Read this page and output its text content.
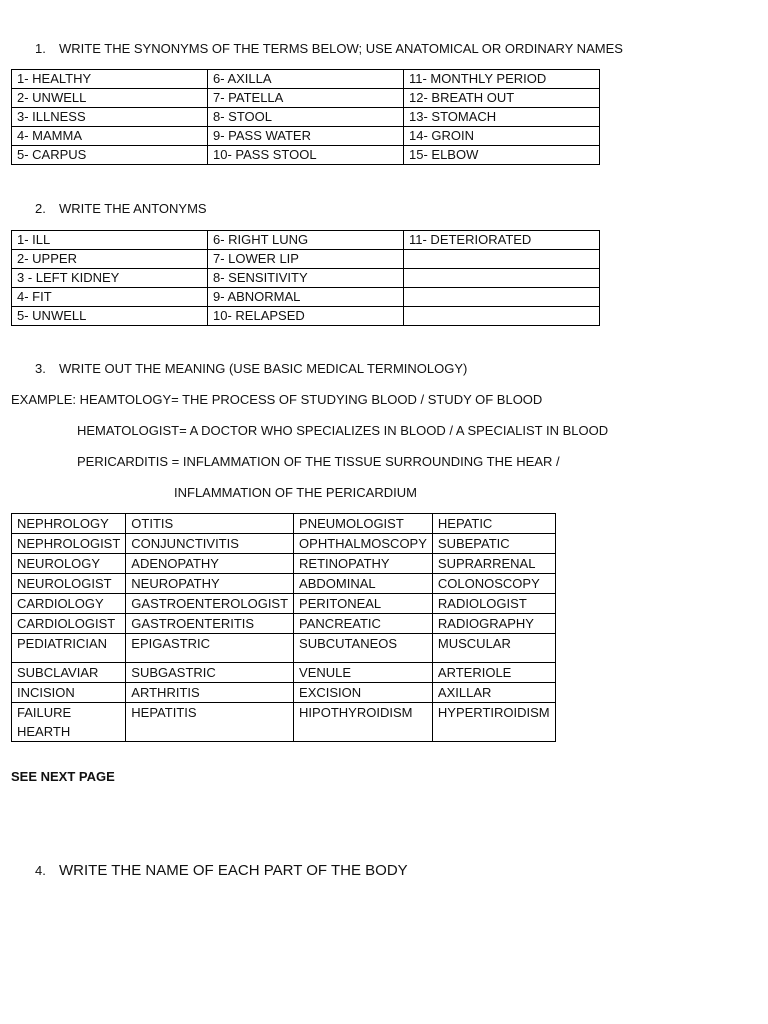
1. WRITE THE SYNONYMS OF THE TERMS BELOW; USE ANATOMICAL OR ORDINARY NAMES
1- HEALTHY	6- AXILLA	11- MONTHLY PERIOD
2- UNWELL	7- PATELLA	12- BREATH OUT
3- ILLNESS	8- STOOL	13- STOMACH
4- MAMMA	9- PASS WATER	14- GROIN
5- CARPUS	10- PASS STOOL	15- ELBOW
2. WRITE THE ANTONYMS
1- ILL	6- RIGHT LUNG	11- DETERIORATED
2- UPPER	7- LOWER LIP	
3 - LEFT KIDNEY	8- SENSITIVITY	
4- FIT	9- ABNORMAL	
5- UNWELL	10- RELAPSED	
3. WRITE OUT THE MEANING (USE BASIC MEDICAL TERMINOLOGY)
EXAMPLE: HEAMTOLOGY= THE PROCESS OF STUDYING BLOOD / STUDY OF BLOOD
HEMATOLOGIST= A DOCTOR WHO SPECIALIZES IN BLOOD / A SPECIALIST IN BLOOD
PERICARDITIS = INFLAMMATION OF THE TISSUE SURROUNDING THE HEAR /
INFLAMMATION OF THE PERICARDIUM
NEPHROLOGY	OTITIS	PNEUMOLOGIST	HEPATIC
NEPHROLOGIST	CONJUNCTIVITIS	OPHTHALMOSCOPY	SUBEPATIC
NEUROLOGY	ADENOPATHY	RETINOPATHY	SUPRARRENAL
NEUROLOGIST	NEUROPATHY	ABDOMINAL	COLONOSCOPY
CARDIOLOGY	GASTROENTEROLOGIST	PERITONEAL	RADIOLOGIST
CARDIOLOGIST	GASTROENTERITIS	PANCREATIC	RADIOGRAPHY
PEDIATRICIAN	EPIGASTRIC	SUBCUTANEOS	MUSCULAR
SUBCLAVIAR	SUBGASTRIC	VENULE	ARTERIOLE
INCISION	ARTHRITIS	EXCISION	AXILLAR
FAILURE HEARTH	HEPATITIS	HIPOTHYROIDISM	HYPERTIROIDISM
SEE NEXT PAGE
4. WRITE THE NAME OF EACH PART OF THE BODY
